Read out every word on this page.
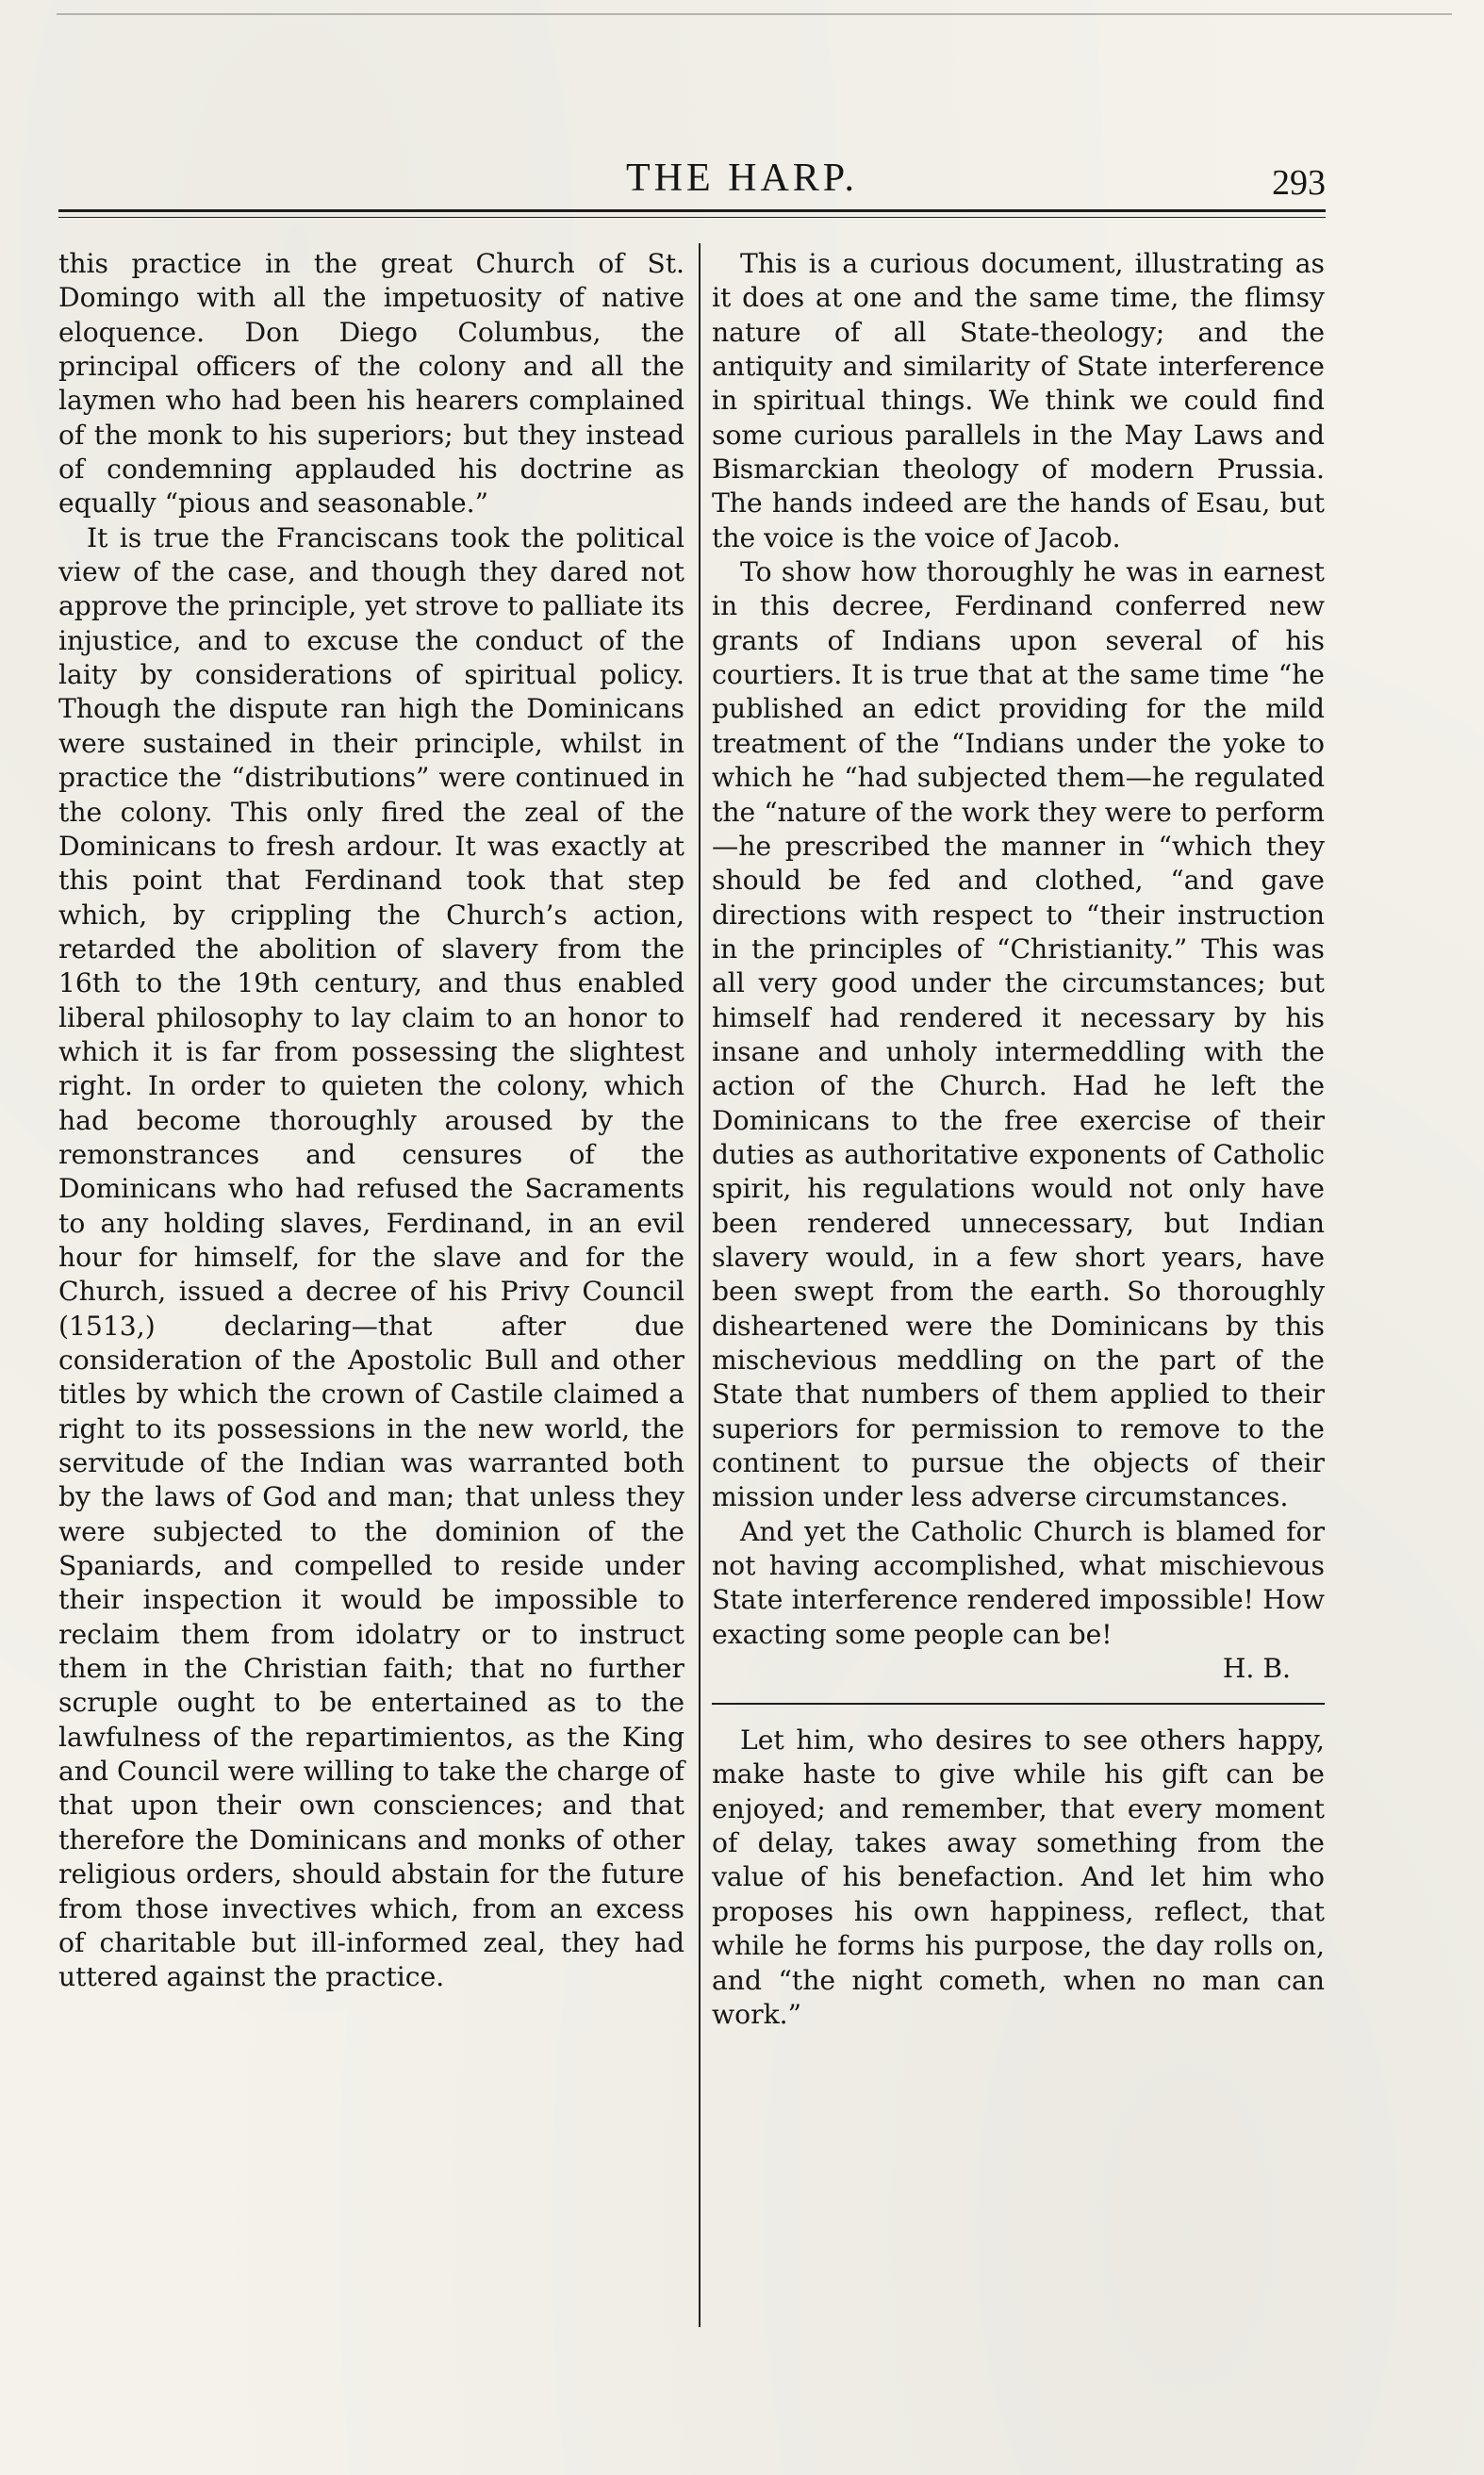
THE HARP.	293

this practice in the great Church of St. Domingo with all the impetuosity of native eloquence. Don Diego Columbus, the principal officers of the colony and all the laymen who had been his hearers complained of the monk to his superiors; but they instead of condemning applauded his doctrine as equally “pious and seasonable.”

It is true the Franciscans took the political view of the case, and though they dared not approve the principle, yet strove to palliate its injustice, and to excuse the conduct of the laity by considerations of spiritual policy. Though the dispute ran high the Dominicans were sustained in their principle, whilst in practice the “distributions” were continued in the colony. This only fired the zeal of the Dominicans to fresh ardour. It was exactly at this point that Ferdinand took that step which, by crippling the Church’s action, retarded the abolition of slavery from the 16th to the 19th century, and thus enabled liberal philosophy to lay claim to an honor to which it is far from possessing the slightest right. In order to quieten the colony, which had become thoroughly aroused by the remonstrances and censures of the Dominicans who had refused the Sacraments to any holding slaves, Ferdinand, in an evil hour for himself, for the slave and for the Church, issued a decree of his Privy Council (1513,) declaring—that after due consideration of the Apostolic Bull and other titles by which the crown of Castile claimed a right to its possessions in the new world, the servitude of the Indian was warranted both by the laws of God and man; that unless they were subjected to the dominion of the Spaniards, and compelled to reside under their inspection it would be impossible to reclaim them from idolatry or to instruct them in the Christian faith; that no further scruple ought to be entertained as to the lawfulness of the repartimientos, as the King and Council were willing to take the charge of that upon their own consciences; and that therefore the Dominicans and monks of other religious orders, should abstain for the future from those invectives which, from an excess of charitable but ill-informed zeal, they had uttered against the practice.

This is a curious document, illustrating as it does at one and the same time, the flimsy nature of all State-theology; and the antiquity and similarity of State interference in spiritual things. We think we could find some curious parallels in the May Laws and Bismarckian theology of modern Prussia. The hands indeed are the hands of Esau, but the voice is the voice of Jacob.

To show how thoroughly he was in earnest in this decree, Ferdinand conferred new grants of Indians upon several of his courtiers. It is true that at the same time “he published an edict providing for the mild treatment of the “Indians under the yoke to which he “had subjected them—he regulated the “nature of the work they were to perform—he prescribed the manner in “which they should be fed and clothed, “and gave directions with respect to “their instruction in the principles of “Christianity.” This was all very good under the circumstances; but himself had rendered it necessary by his insane and unholy intermeddling with the action of the Church. Had he left the Dominicans to the free exercise of their duties as authoritative exponents of Catholic spirit, his regulations would not only have been rendered unnecessary, but Indian slavery would, in a few short years, have been swept from the earth. So thoroughly disheartened were the Dominicans by this mischevious meddling on the part of the State that numbers of them applied to their superiors for permission to remove to the continent to pursue the objects of their mission under less adverse circumstances.

And yet the Catholic Church is blamed for not having accomplished, what mischievous State interference rendered impossible! How exacting some people can be!

H. B.

Let him, who desires to see others happy, make haste to give while his gift can be enjoyed; and remember, that every moment of delay, takes away something from the value of his benefaction. And let him who proposes his own happiness, reflect, that while he forms his purpose, the day rolls on, and “the night cometh, when no man can work.”
